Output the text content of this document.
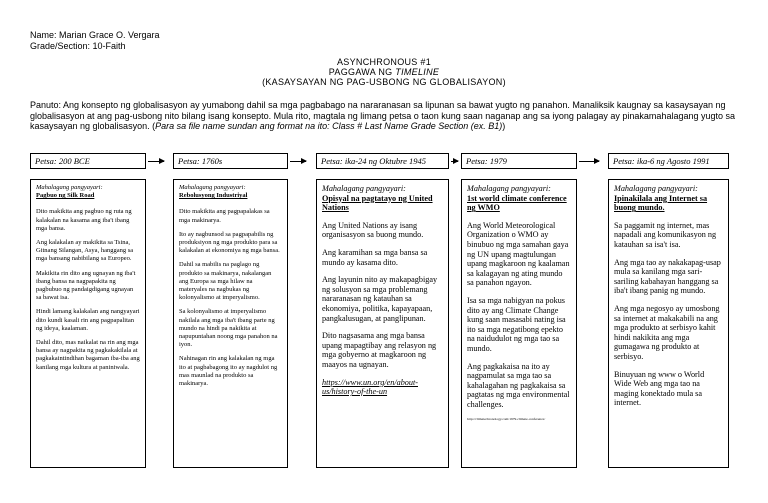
Name: Marian Grace O. Vergara
Grade/Section: 10-Faith
ASYNCHRONOUS #1
PAGGAWA NG TIMELINE
(KASAYSAYAN NG PAG-USBONG NG GLOBALISAYON)
Panuto: Ang konsepto ng globalisasyon ay yumabong dahil sa mga pagbabago na nararanasan sa lipunan sa bawat yugto ng panahon. Manaliksik kaugnay sa kasaysayan ng globalisasyon at ang pag-usbong nito bilang isang konsepto. Mula rito, magtala ng limang petsa o taon kung saan naganap ang sa iyong palagay ay pinakamahalagang yugto sa kasaysayan ng globalisasyon. (Para sa file name sundan ang format na ito: Class # Last Name Grade Section (ex. B1))
Petsa: 200 BCE	Petsa: 1760s	Petsa: ika-24 ng Oktubre 1945	Petsa: 1979	Petsa: ika-6 ng Agosto 1991
Mahalagang pangyayari:
Pagbuo ng Silk Road

Dito makikita ang pagbuo ng ruta ng kalakalan na kasama ang iba't ibang mga bansa.

Ang kalakalan ay makikita sa Tsina, Gitnang Silangan, Asya, hanggang sa mga bansang nabibilang sa Europeo.

Makikita rin dito ang ugnayan ng iba't ibang bansa na nagpapakita ng pagbubuo ng pandaigdigang ugnayan sa bawat isa.

Hindi lamang kalakalan ang nangyayari dito kundi kasali rin ang pagpapalitan ng ideya, kaalaman.

Dahil dito, mas naikalat na rin ang mga bansa ay nagpakita ng pagkakakilala at pagkakaintindihan bagaman iba-iba ang kanilang mga kultura at paniniwala.

Mahalagang pangyayari:
Rebolusyong Industriyal

Dito makikita ang pagpapalakas sa mga makinarya.

Ito ay nagbunsod sa pagpapabilis ng produksiyon ng mga produkto para sa kalakalan at ekonomiya ng mga bansa.

Dahil sa mabilis na paglago ng produkto sa makinarya, nakalangan ang Europa sa mga hilaw na materyales na nagbukas ng kolonyalismo at imperyalismo.

Sa kolonyalismo at imperyalismo nakilala ang mga iba't ibang parte ng mundo na hindi pa nakikita at napupuntahan noong mga panahon na iyon.

Nahinagan rin ang kalakalan ng mga ito at pagbabagong ito ay nagdulot ng mas maunlad na produkto sa makinarya.

Mahalagang pangyayari:
Opisyal na pagtatayo ng United Nations

Ang United Nations ay isang organisasyon sa buong mundo.

Ang karamihan sa mga bansa sa mundo ay kasama dito.

Ang layunin nito ay makapagbigay ng solusyon sa mga problemang nararanasan ng katauhan sa ekonomiya, politika, kapayapaan, pangkalusugan, at panglipunan.

Dito nagsasama ang mga bansa upang mapagtibay ang relasyon ng mga gobyerno at magkaroon ng maayos na ugnayan.

https://www.un.org/en/about-us/history-of-the-un

Mahalagang pangyayari:
1st world climate conference ng WMO

Ang World Meteorological Organization o WMO ay binubuo ng mga samahan gaya ng UN upang magtulungan upang magkaroon ng kaalaman sa kalagayan ng ating mundo sa panahon ngayon.

Isa sa mga nabigyan na pokus dito ay ang Climate Change kung saan masasabi nating isa ito sa mga negatibong epekto na naidudulot ng mga tao sa mundo.

Ang pagkakaisa na ito ay nagpamulat sa mga tao sa kahalagahan ng pagkakaisa sa pagtatas ng mga environmental challenges.

http://climatechronology.com/1979-climate-conference/

Mahalagang pangyayari:
Ipinakilala ang Internet sa buong mundo.

Sa paggamit ng internet, mas napadali ang komunikasyon ng katauhan sa isa't isa.

Ang mga tao ay nakakapag-usap mula sa kanilang mga sari-sariling kabahayan hanggang sa iba't ibang panig ng mundo.

Ang mga negosyo ay umosbong sa internet at makakabili na ang mga produkto at serbisyo kahit hindi nakikita ang mga gumagawa ng produkto at serbisyo.

Binuyuan ng www o World Wide Web ang mga tao na maging konektado mula sa internet.
